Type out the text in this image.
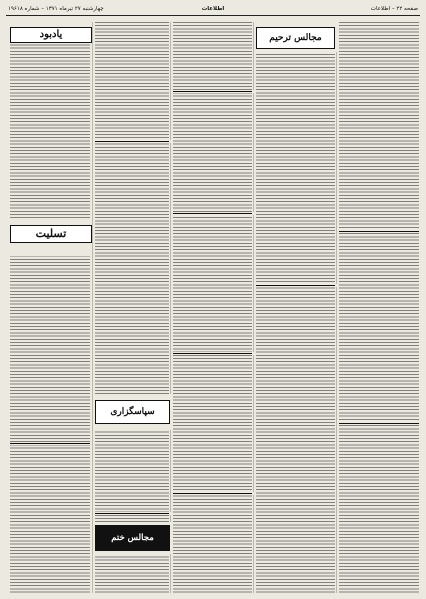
صفحه ۲۲ – اطلاعات
اطلاعات
چهارشنبه ۲۷ تیرماه ۱۳۷۱ – شماره ۱۹۶۱۸
یادبود
تسلیت
مجالس ترحیم
سپاسگزاری
مجالس ختم
